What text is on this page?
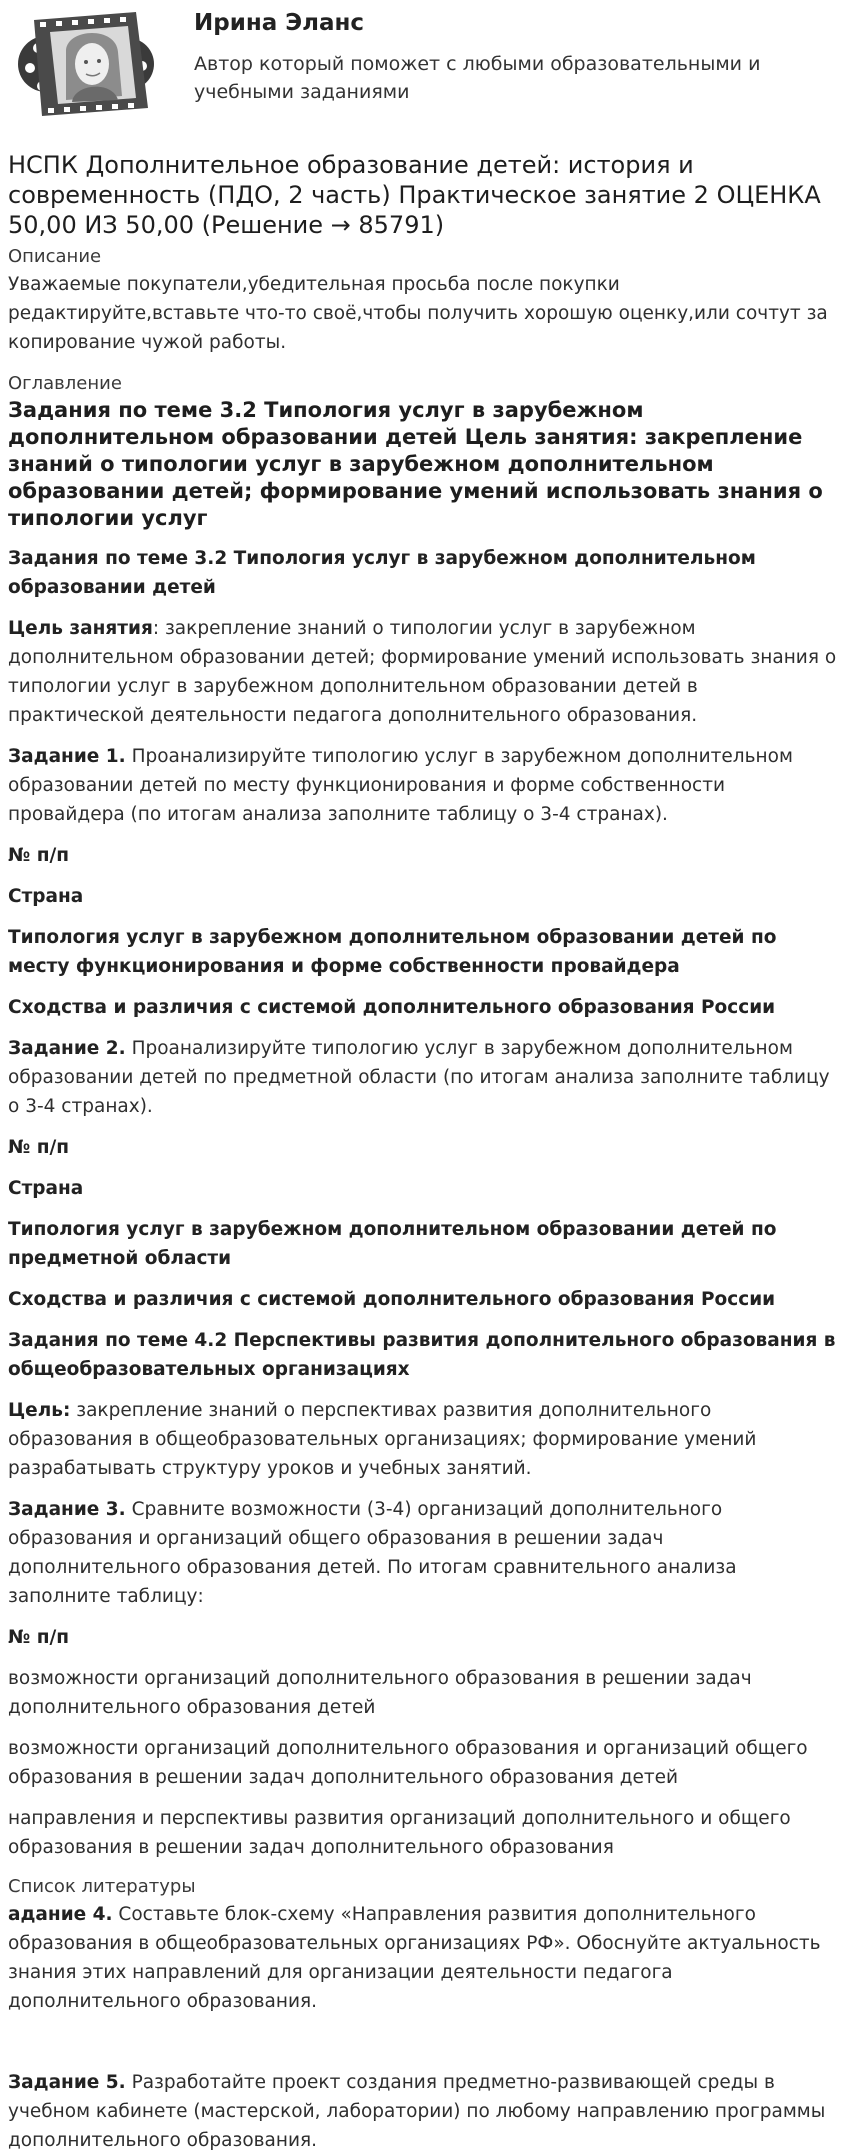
Ирина Эланс

Автор который поможет с любыми образовательными и учебными заданиями

НСПК Дополнительное образование детей: история и современность (ПДО, 2 часть) Практическое занятие 2 ОЦЕНКА 50,00 ИЗ 50,00 (Решение → 85791)

Описание

Уважаемые покупатели,убедительная просьба после покупки редактируйте,вставьте что-то своё,чтобы получить хорошую оценку,или сочтут за копирование чужой работы.

Оглавление

Задания по теме 3.2 Типология услуг в зарубежном дополнительном образовании детей Цель занятия: закрепление знаний о типологии услуг в зарубежном дополнительном образовании детей; формирование умений использовать знания о типологии услуг

Задания по теме 3.2 Типология услуг в зарубежном дополнительном образовании детей

Цель занятия: закрепление знаний о типологии услуг в зарубежном дополнительном образовании детей; формирование умений использовать знания о типологии услуг в зарубежном дополнительном образовании детей в практической деятельности педагога дополнительного образования.

Задание 1. Проанализируйте типологию услуг в зарубежном дополнительном образовании детей по месту функционирования и форме собственности провайдера (по итогам анализа заполните таблицу о 3-4 странах).

№ п/п

Страна

Типология услуг в зарубежном дополнительном образовании детей по месту функционирования и форме собственности провайдера

Сходства и различия с системой дополнительного образования России

Задание 2. Проанализируйте типологию услуг в зарубежном дополнительном образовании детей по предметной области (по итогам анализа заполните таблицу о 3-4 странах).

№ п/п

Страна

Типология услуг в зарубежном дополнительном образовании детей по предметной области

Сходства и различия с системой дополнительного образования России

Задания по теме 4.2 Перспективы развития дополнительного образования в общеобразовательных организациях

Цель: закрепление знаний о перспективах развития дополнительного образования в общеобразовательных организациях; формирование умений разрабатывать структуру уроков и учебных занятий.

Задание 3. Сравните возможности (3-4) организаций дополнительного образования и организаций общего образования в решении задач дополнительного образования детей. По итогам сравнительного анализа заполните таблицу:

№ п/п

возможности организаций дополнительного образования в решении задач дополнительного образования детей

возможности организаций дополнительного образования и организаций общего образования в решении задач дополнительного образования детей

направления и перспективы развития организаций дополнительного и общего образования в решении задач дополнительного образования

Список литературы

адание 4. Составьте блок-схему «Направления развития дополнительного образования в общеобразовательных организациях РФ». Обоснуйте актуальность знания этих направлений для организации деятельности педагога дополнительного образования.

Задание 5. Разработайте проект создания предметно-развивающей среды в учебном кабинете (мастерской, лаборатории) по любому направлению программы дополнительного образования.
